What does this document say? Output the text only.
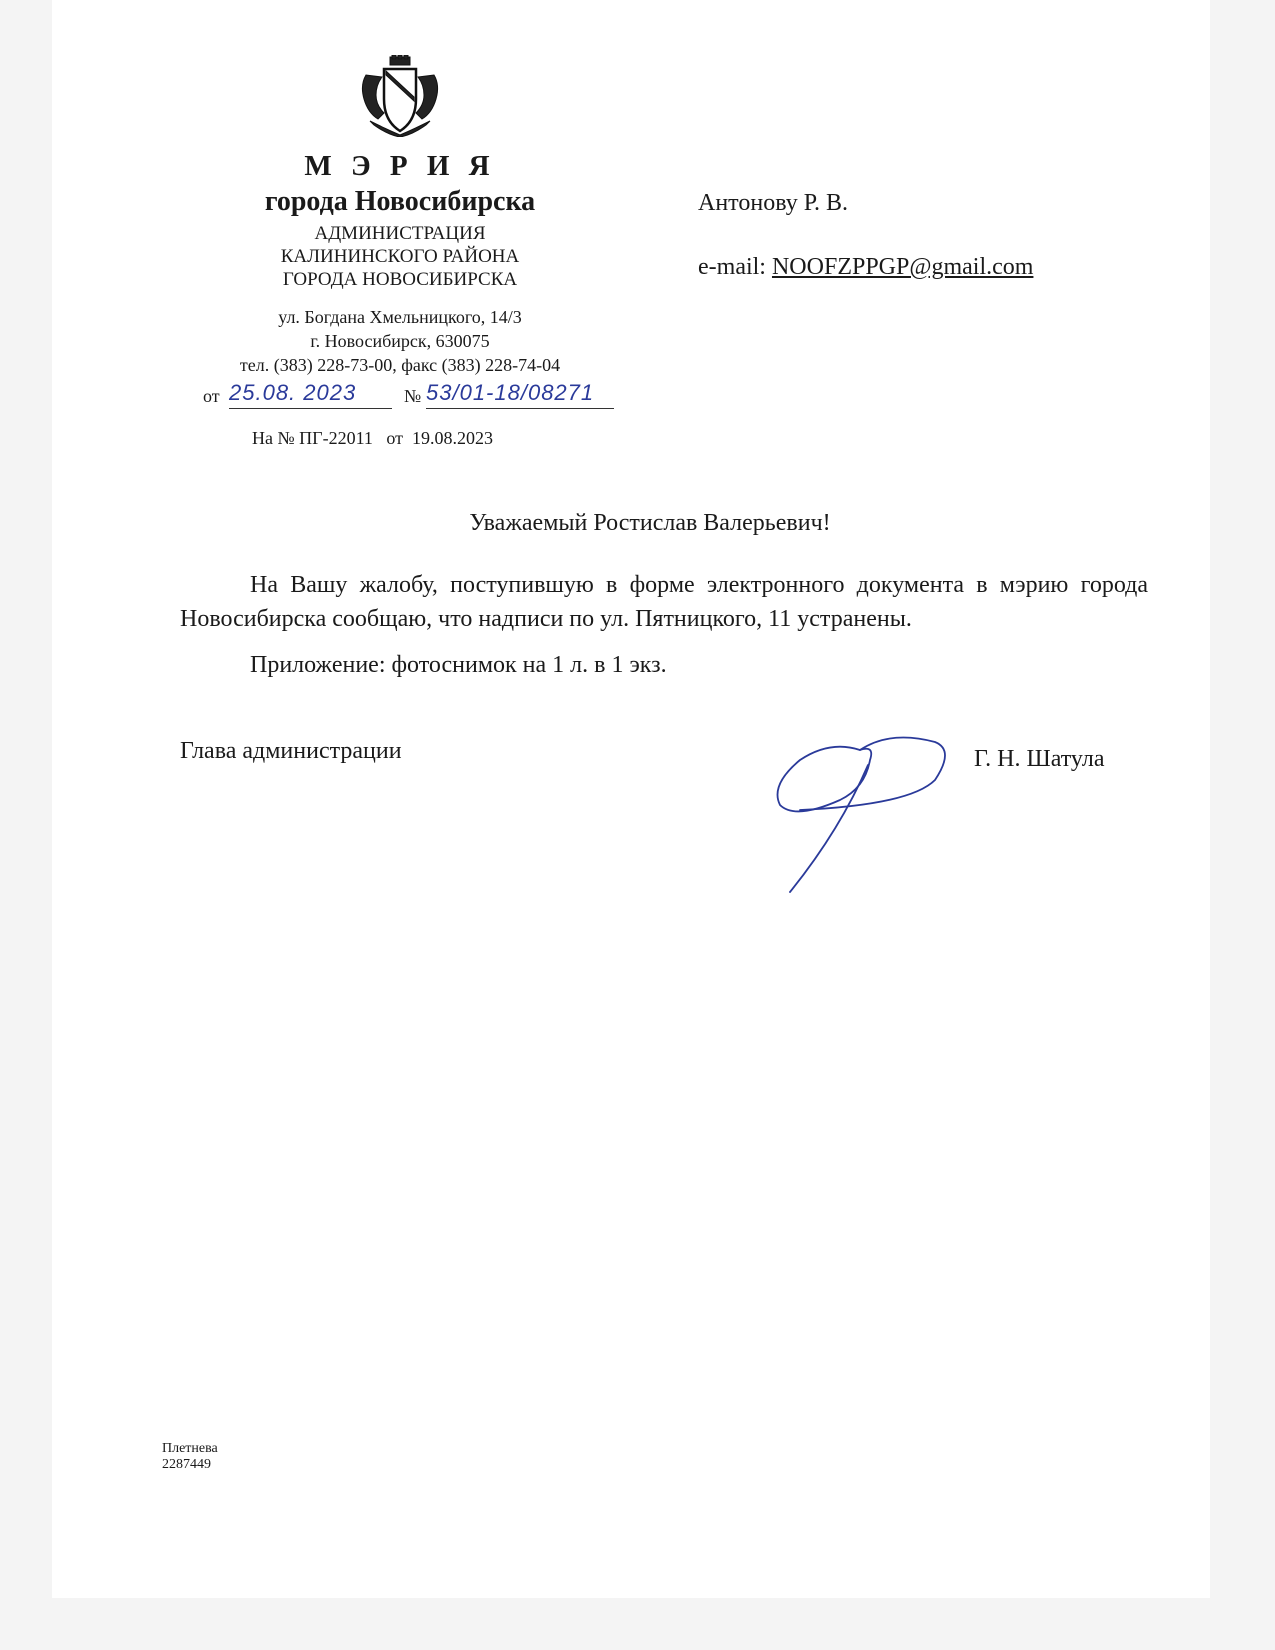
М Э Р И Я
города Новосибирска
АДМИНИСТРАЦИЯ
КАЛИНИНСКОГО РАЙОНА
ГОРОДА НОВОСИБИРСКА
ул. Богдана Хмельницкого, 14/3
г. Новосибирск, 630075
тел. (383) 228-73-00, факс (383) 228-74-04
от 25.08. 2023	№ 53/01-18/08271
На № ПГ-22011 от 19.08.2023
Антонову Р. В.
e-mail: NOOFZPPGP@gmail.com
Уважаемый Ростислав Валерьевич!
На Вашу жалобу, поступившую в форме электронного документа в мэрию города Новосибирска сообщаю, что надписи по ул. Пятницкого, 11 устранены.
Приложение: фотоснимок на 1 л. в 1 экз.
Глава администрации	Г. Н. Шатула
Плетнева
2287449
